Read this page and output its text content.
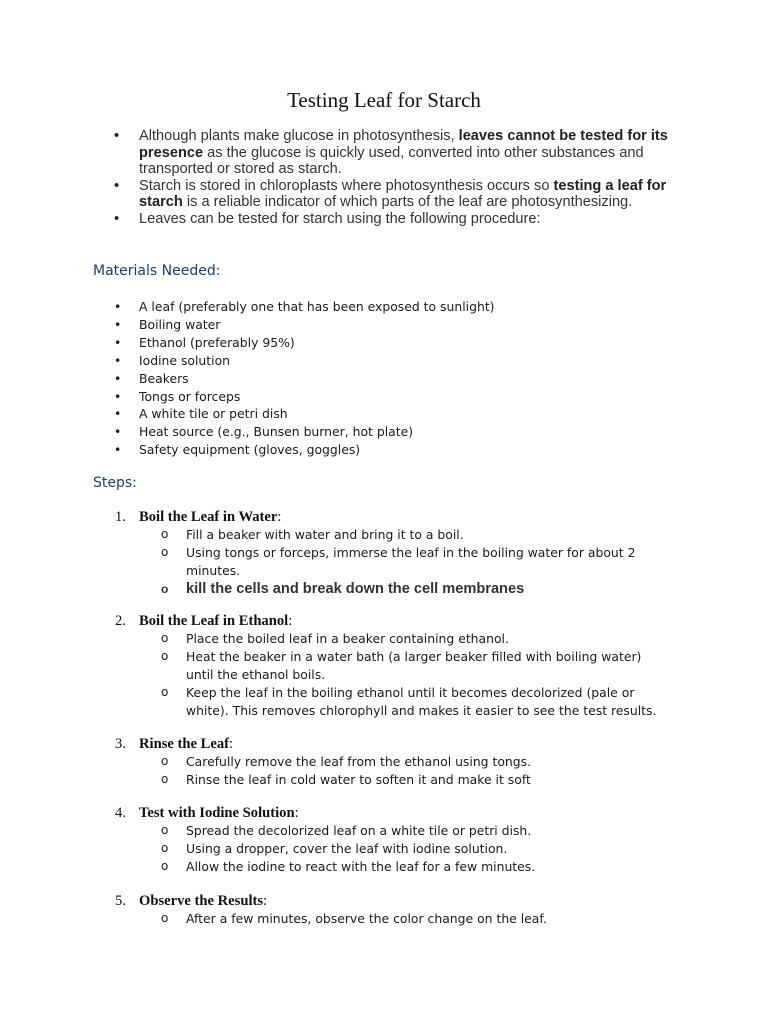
Testing Leaf for Starch
• Although plants make glucose in photosynthesis, leaves cannot be tested for its presence as the glucose is quickly used, converted into other substances and transported or stored as starch.
• Starch is stored in chloroplasts where photosynthesis occurs so testing a leaf for starch is a reliable indicator of which parts of the leaf are photosynthesizing.
• Leaves can be tested for starch using the following procedure:
Materials Needed:
• A leaf (preferably one that has been exposed to sunlight)
• Boiling water
• Ethanol (preferably 95%)
• Iodine solution
• Beakers
• Tongs or forceps
• A white tile or petri dish
• Heat source (e.g., Bunsen burner, hot plate)
• Safety equipment (gloves, goggles)
Steps:
1. Boil the Leaf in Water:
o Fill a beaker with water and bring it to a boil.
o Using tongs or forceps, immerse the leaf in the boiling water for about 2 minutes.
o kill the cells and break down the cell membranes
2. Boil the Leaf in Ethanol:
o Place the boiled leaf in a beaker containing ethanol.
o Heat the beaker in a water bath (a larger beaker filled with boiling water) until the ethanol boils.
o Keep the leaf in the boiling ethanol until it becomes decolorized (pale or white). This removes chlorophyll and makes it easier to see the test results.
3. Rinse the Leaf:
o Carefully remove the leaf from the ethanol using tongs.
o Rinse the leaf in cold water to soften it and make it soft
4. Test with Iodine Solution:
o Spread the decolorized leaf on a white tile or petri dish.
o Using a dropper, cover the leaf with iodine solution.
o Allow the iodine to react with the leaf for a few minutes.
5. Observe the Results:
o After a few minutes, observe the color change on the leaf.
